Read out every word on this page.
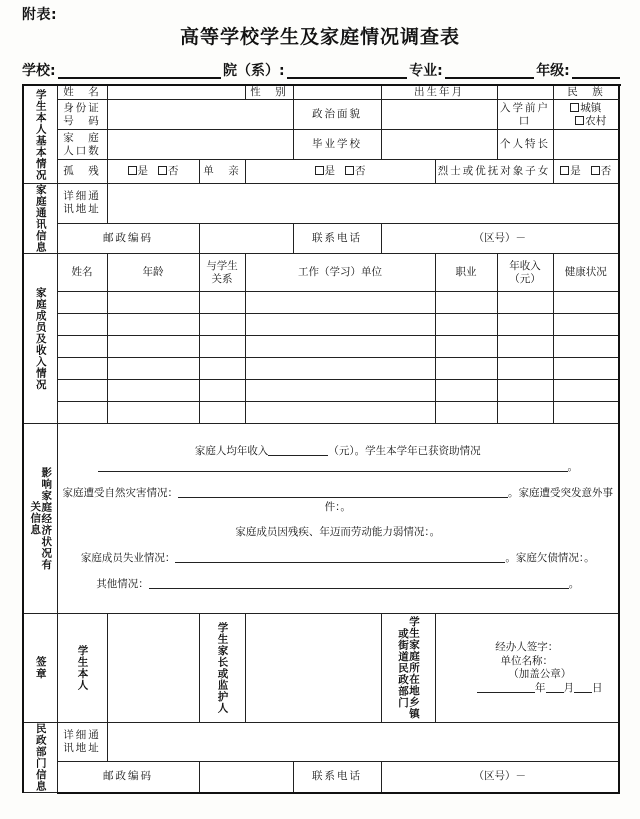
附表:
高等学校学生及家庭情况调查表
学校:	院（系）:	专业:	年级:
学生本人基本情况	姓　名			性　别		出生年月			民　族	
	身份证号　码				政治面貌			入学前户　口	城镇 农村	
	家　庭人口数				毕业学校			个人特长		
	孤　残	是 否	单　亲	是 否			烈士或优抚对象子女		是 否	

家庭通讯信息	详细通讯地址									
	邮政编码				联系电话	（区号）－				

家庭成员及收入情况	姓名	年龄	与学生关系	工作（学习）单位			职业	年收入（元）	健康状况	

影响家庭经济状况有关信息

家庭人均年收入	（元）。学生本学年已获资助情况
。
家庭遭受自然灾害情况：	。家庭遭受突发意外事件：。
家庭成员因残疾、年迈而劳动能力弱情况：。
家庭成员失业情况：	。家庭欠债情况：。
其他情况：	。

签章	学生本人		学生家长或监护人			学生家庭所在地乡镇或街道民政部门	经办人签字：
单位名称：
（加盖公章）
年 月 日			

民政部门信息	详细通讯地址									
	邮政编码				联系电话	（区号）－				
